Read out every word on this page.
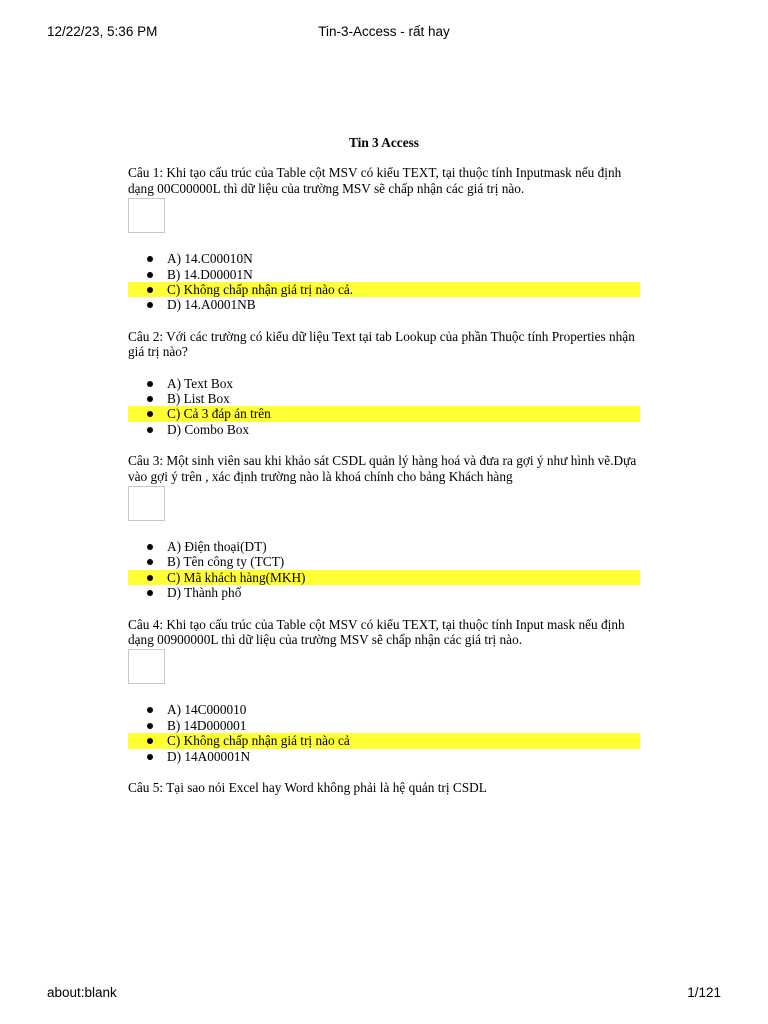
12/22/23, 5:36 PM	Tin-3-Access - rất hay
Tin 3 Access
Câu 1: Khi tạo cấu trúc của Table cột MSV có kiểu TEXT, tại thuộc tính Inputmask nếu định dạng 00C00000L thì dữ liệu của trường MSV sẽ chấp nhận các giá trị nào.
A) 14.C00010N
B) 14.D00001N
C) Không chấp nhận giá trị nào cả.
D) 14.A0001NB
Câu 2: Với các trường có kiểu dữ liệu Text tại tab Lookup của phần Thuộc tính Properties nhận giá trị nào?
A) Text Box
B) List Box
C) Cả 3 đáp án trên
D) Combo Box
Câu 3: Một sinh viên sau khi khảo sát CSDL quản lý hàng hoá và đưa ra gợi ý như hình vẽ.Dựa vào gợi ý trên , xác định trường nào là khoá chính cho bảng Khách hàng
A) Điện thoại(DT)
B) Tên công ty (TCT)
C) Mã khách hàng(MKH)
D) Thành phố
Câu 4: Khi tạo cấu trúc của Table cột MSV có kiểu TEXT, tại thuộc tính Input mask nếu định dạng 00900000L thì dữ liệu của trường MSV sẽ chấp nhận các giá trị nào.
A) 14C000010
B) 14D000001
C) Không chấp nhận giá trị nào cả
D) 14A00001N
Câu 5: Tại sao nói Excel hay Word không phải là hệ quản trị CSDL
about:blank	1/121
